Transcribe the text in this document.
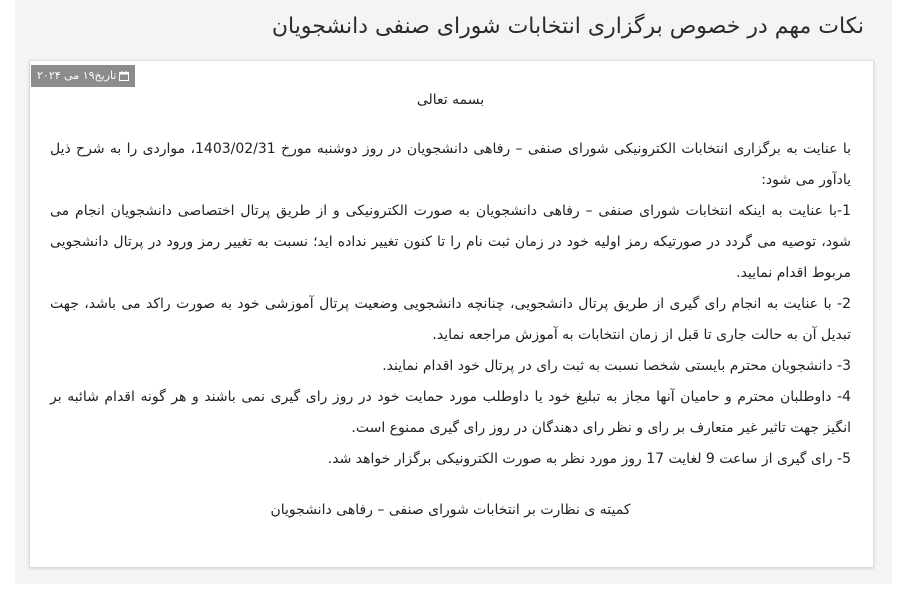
نکات مهم در خصوص برگزاری انتخابات شورای صنفی دانشجویان
تاریخ۱۹ می ۲۰۲۴

بسمه تعالی

با عنایت به برگزاری انتخابات الکترونیکی شورای صنفی – رفاهی دانشجویان در روز دوشنبه مورخ 1403/02/31، مواردی را به شرح ذیل یادآور می شود:

1-با عنایت به اینکه انتخابات شورای صنفی – رفاهی دانشجویان به صورت الکترونیکی و از طریق پرتال اختصاصی دانشجویان انجام می شود، توصیه می گردد در صورتیکه رمز اولیه خود در زمان ثبت نام را تا کنون تغییر نداده اید؛ نسبت به تغییر رمز ورود در پرتال دانشجویی مربوط اقدام نمایید.

2- با عنایت به انجام رای گیری از طریق پرتال دانشجویی، چنانچه دانشجویی وضعیت پرتال آموزشی خود به صورت راکد می باشد، جهت تبدیل آن به حالت جاری تا قبل از زمان انتخابات به آموزش مراجعه نماید.

3- دانشجویان محترم بایستی شخصا نسبت به ثبت رای در پرتال خود اقدام نمایند.

4- داوطلبان محترم و حامیان آنها مجاز به تبلیغ خود یا داوطلب مورد حمایت خود در روز رای گیری نمی باشند و هر گونه اقدام شائبه بر انگیز جهت تاثیر غیر متعارف بر رای و نظر رای دهندگان در روز رای گیری ممنوع است.

5- رای گیری از ساعت 9 لغایت 17 روز مورد نظر به صورت الکترونیکی برگزار خواهد شد.

کمیته ی نظارت بر انتخابات شورای صنفی – رفاهی دانشجویان
